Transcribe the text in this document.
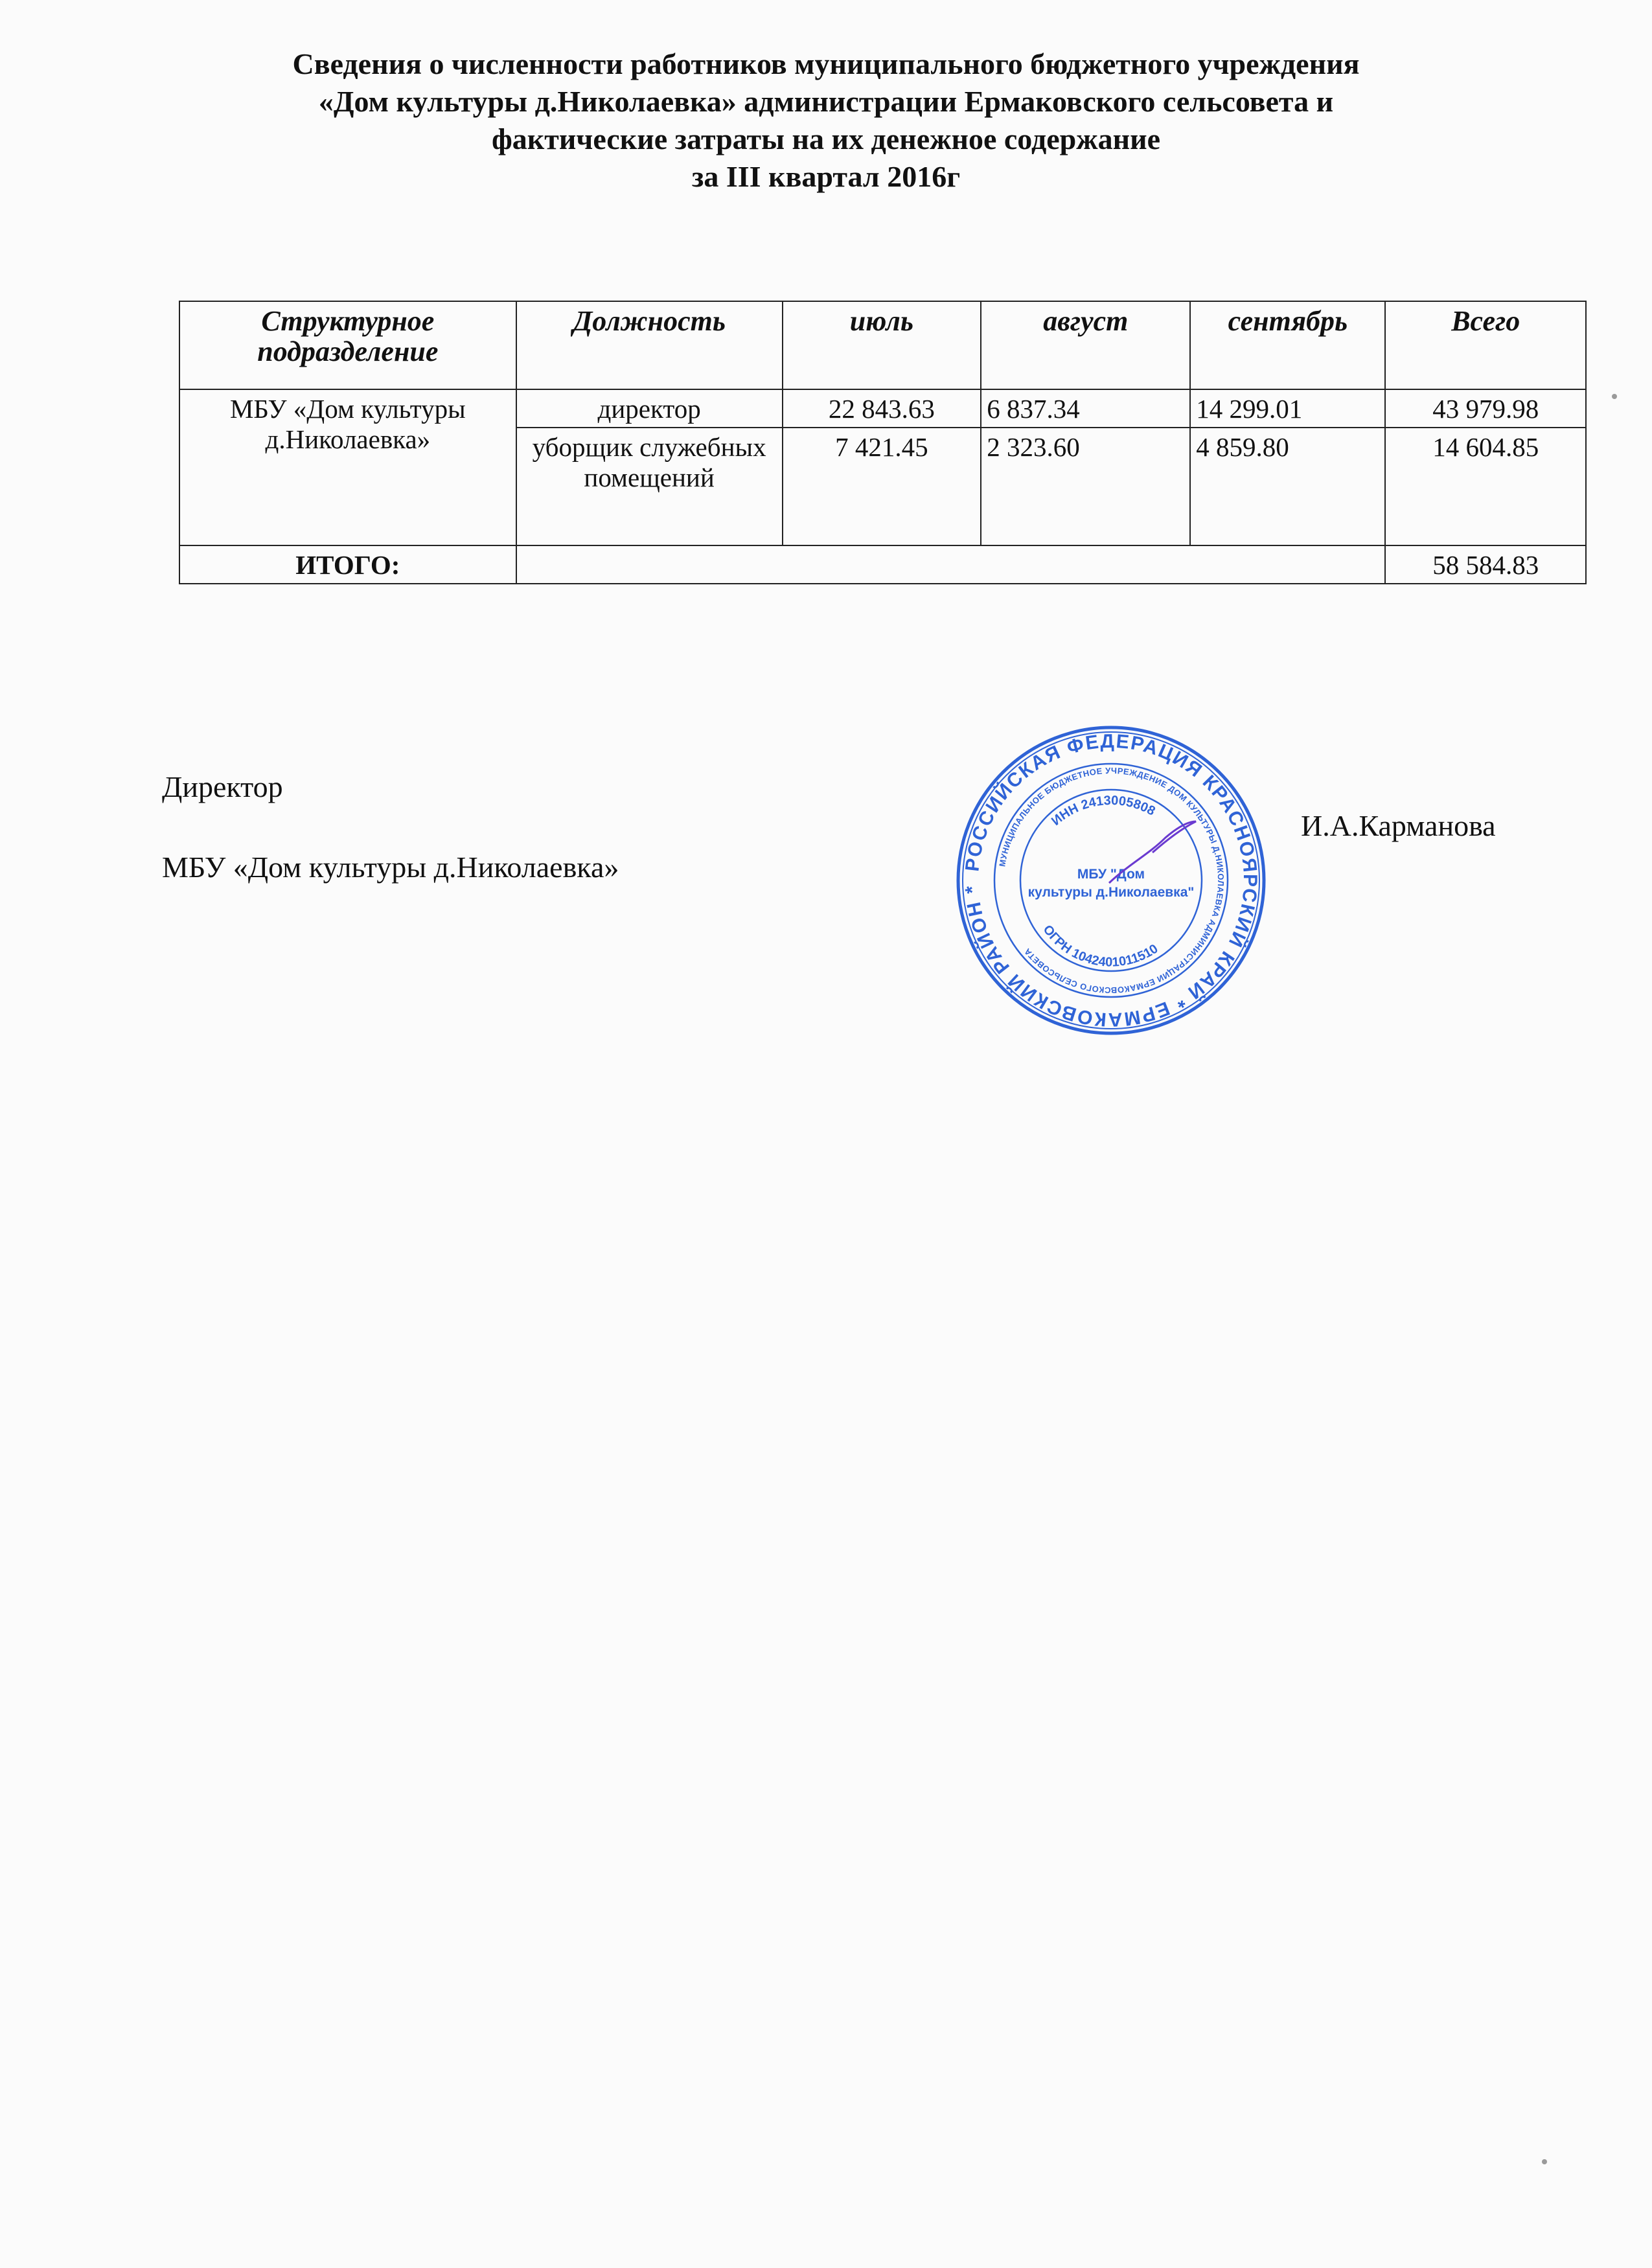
Сведения о численности работников муниципального бюджетного учреждения
«Дом культуры д.Николаевка» администрации Ермаковского сельсовета и
фактические затраты на их денежное содержание
за III квартал 2016г
Структурное подразделение	Должность	июль	август	сентябрь	Всего
МБУ «Дом культуры д.Николаевка»	директор	22 843.63	6 837.34	14 299.01	43 979.98
	уборщик служебных помещений	7 421.45	2 323.60	4 859.80	14 604.85
ИТОГО:					58 584.83
Директор
МБУ «Дом культуры д.Николаевка»
И.А.Карманова
РОССИЙСКАЯ ФЕДЕРАЦИЯ КРАСНОЯРСКИЙ КРАЙ * ЕРМАКОВСКИЙ РАЙОН *
МУНИЦИПАЛЬНОЕ БЮДЖЕТНОЕ УЧРЕЖДЕНИЕ ДОМ КУЛЬТУРЫ Д.НИКОЛАЕВКА АДМИНИСТРАЦИИ ЕРМАКОВСКОГО СЕЛЬСОВЕТА
ИНН 2413005808
ОГРН 1042401011510
МБУ "Дом
культуры д.Николаевка"
